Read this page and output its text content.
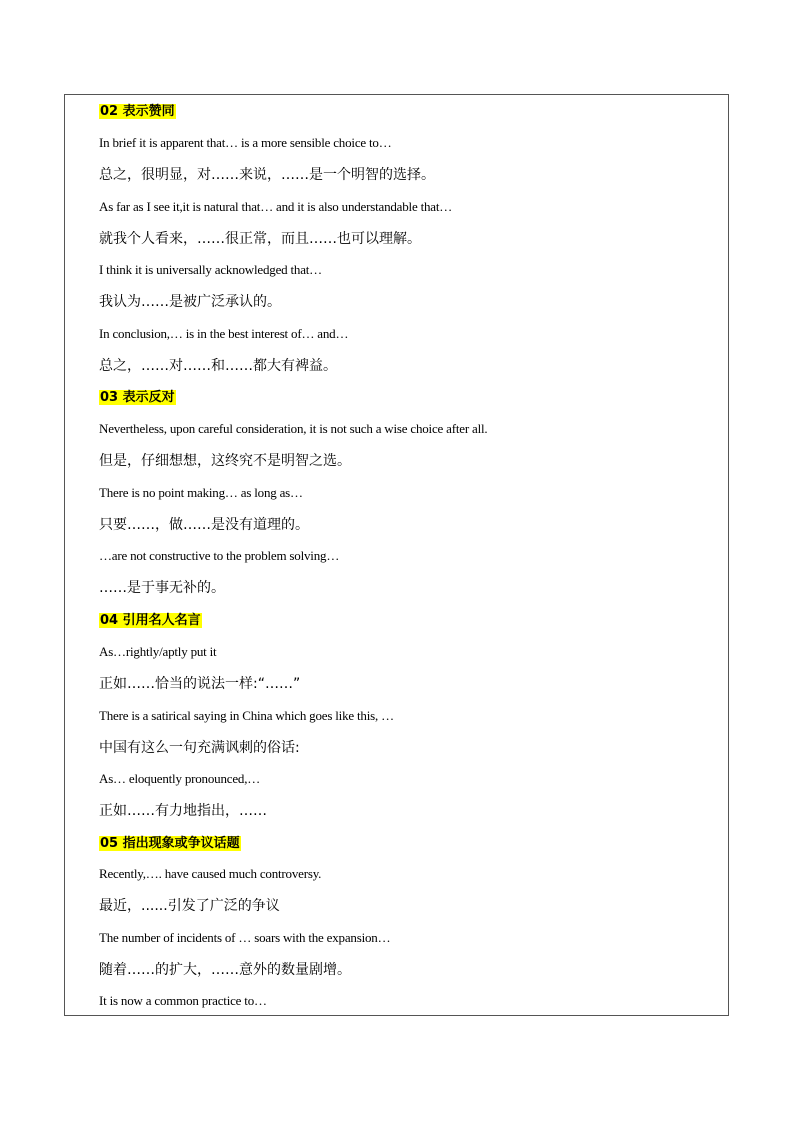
02 表示赞同
In brief it is apparent that… is a more sensible choice to…
总之，很明显，对……来说，……是一个明智的选择。
As far as I see it,it is natural that… and it is also understandable that…
就我个人看来，……很正常，而且……也可以理解。
I think it is universally acknowledged that…
我认为……是被广泛承认的。
In conclusion,… is in the best interest of… and…
总之，……对……和……都大有裨益。
03 表示反对
Nevertheless, upon careful consideration, it is not such a wise choice after all.
但是，仔细想想，这终究不是明智之选。
There is no point making… as long as…
只要……，做……是没有道理的。
…are not constructive to the problem solving…
……是于事无补的。
04 引用名人名言
As…rightly/aptly put it
正如……恰当的说法一样:“……”
There is a satirical saying in China which goes like this, …
中国有这么一句充满讽刺的俗话:
As… eloquently pronounced,…
正如……有力地指出，……
05 指出现象或争议话题
Recently,…. have caused much controversy.
最近，......引发了广泛的争议
The number of incidents of … soars with the expansion…
随着……的扩大，……意外的数量剧增。
It is now a common practice to…
